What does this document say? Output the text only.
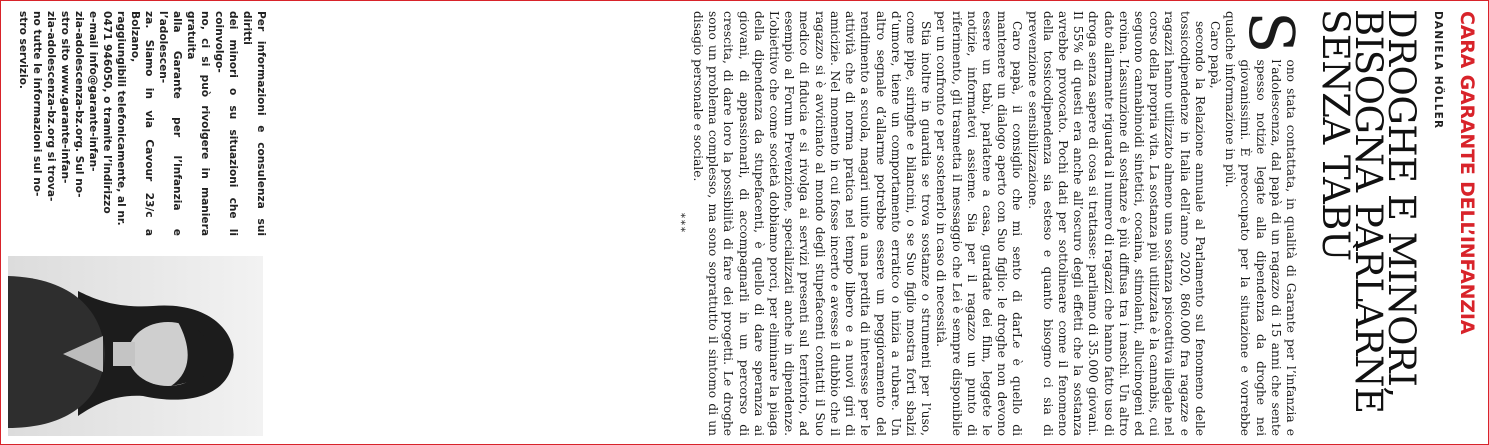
CARA GARANTE DELL’INFANZIA
DANIELA HÖLLER
DROGHE E MINORI,
BISOGNA PARLARNE
SENZA TABÙ

S
ono stata contattata, in qualità di Garante per l’infanzia e l’adolescenza, dal papà di un ragazzo di 15 anni che sente spesso notizie legate alla dipendenza da droghe nei giovanissimi. È preoccupato per la situazione e vorrebbe qualche informazione in più.

Caro papà,

secondo la Relazione annuale al Parlamento sul fenomeno delle tossicodipendenze in Italia dell’anno 2020, 860.000 fra ragazze e ragazzi hanno utilizzato almeno una sostanza psicoattiva illegale nel corso della propria vita. La sostanza più utilizzata è la cannabis, cui seguono cannabinoidi sintetici, cocaina, stimolanti, allucinogeni ed eroina. L’assunzione di sostanze è più diffusa tra i maschi. Un altro dato allarmante riguarda il numero di ragazzi che hanno fatto uso di droga senza sapere di cosa si trattasse: parliamo di 35.000 giovani. Il 55% di questi era anche all’oscuro degli effetti che la sostanza avrebbe provocato. Pochi dati per sottolineare come il fenomeno della tossicodipendenza sia esteso e quanto bisogno ci sia di prevenzione e sensibilizzazione.

Caro papà, il consiglio che mi sento di darLe è quello di mantenere un dialogo aperto con Suo figlio: le droghe non devono essere un tabù, parlatene a casa, guardate dei film, leggete le notizie, informatevi assieme. Sia per il ragazzo un punto di riferimento, gli trasmetta il messaggio che Lei è sempre disponibile per un confronto e per sostenerlo in caso di necessità.

Stia inoltre in guardia se trova sostanze o strumenti per l’uso, come pipe, siringhe e bilancini, o se Suo figlio mostra forti sbalzi d’umore, tiene un comportamento erratico o inizia a rubare. Un altro segnale d’allarme potrebbe essere un peggioramento del rendimento a scuola, magari unito a una perdita di interesse per le attività che di norma pratica nel tempo libero e a nuovi giri di amicizie. Nel momento in cui fosse incerto e avesse il dubbio che il ragazzo si è avvicinato al mondo degli stupefacenti contatti il Suo medico di fiducia e si rivolga ai servizi presenti sul territorio, ad esempio al Forum Prevenzione, specializzati anche in dipendenze. L’obiettivo che come società dobbiamo porci, per eliminare la piaga della dipendenza da stupefacenti, è quello di dare speranza ai giovani, di appassionarli, di accompagnarli in un percorso di crescita, di dare loro la possibilità di fare dei progetti. Le droghe sono un problema complesso, ma sono soprattutto il sintomo di un disagio personale e sociale.

***
Per informazioni e consulenza sui diritti
dei minori o su situazioni che li coinvolgo-
no, ci si può rivolgere in maniera gratuita
alla Garante per l’infanzia e l’adolescen-
za. Siamo in via Cavour 23/c a Bolzano,
raggiungibili telefonicamente, al nr.
0471 946050, o tramite l’indirizzo
e-mail info@garante-infan-
zia-adolescenza-bz.org. Sul no-
stro sito www.garante-infan-
zia-adolescenza-bz.org si trova-
no tutte le informazioni sul no-
stro servizio.
